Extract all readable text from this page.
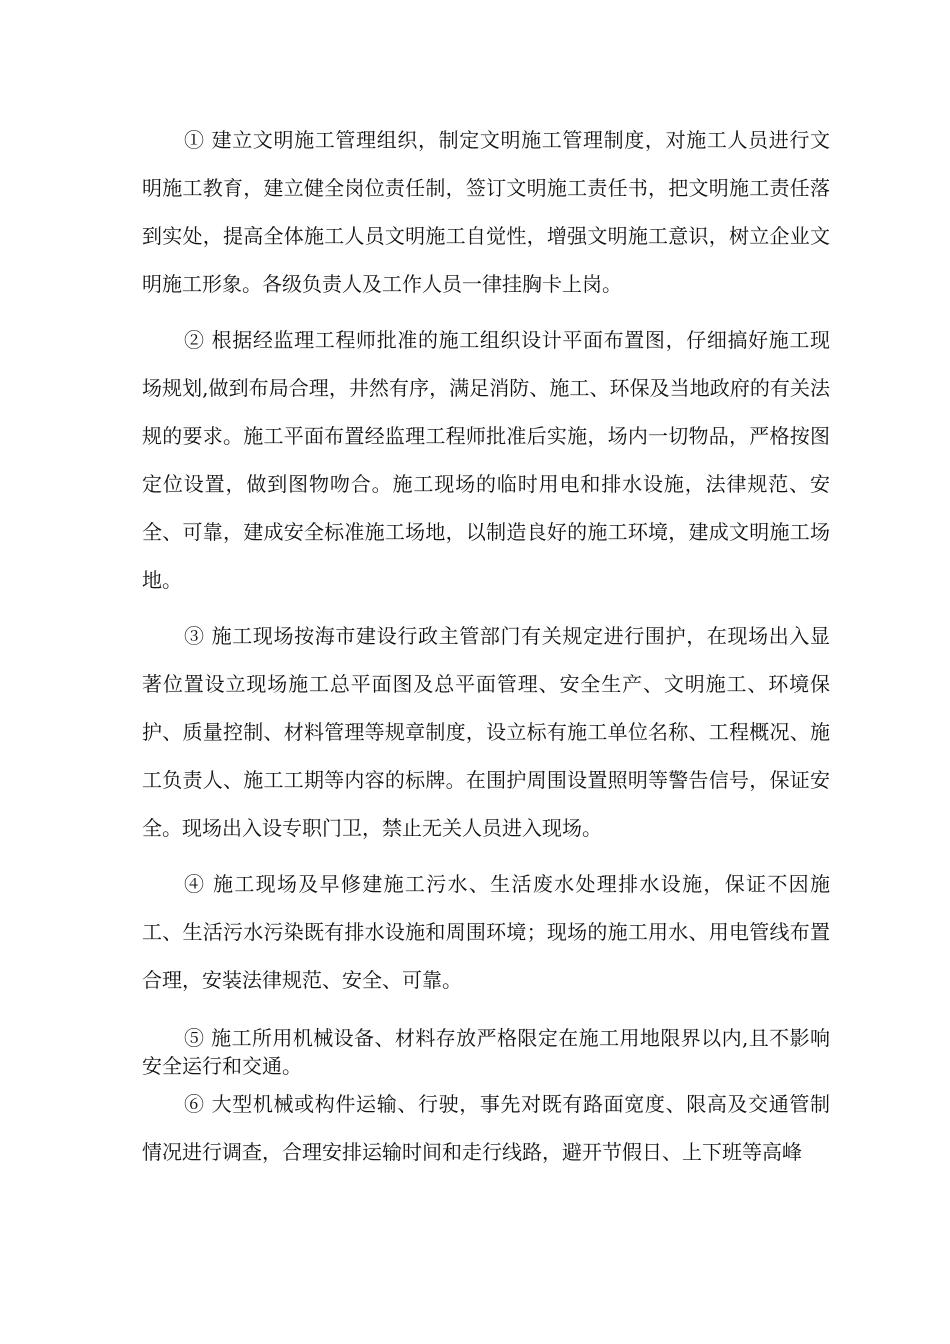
① 建立文明施工管理组织，制定文明施工管理制度，对施工人员进行文明施工教育，建立健全岗位责任制，签订文明施工责任书，把文明施工责任落到实处，提高全体施工人员文明施工自觉性，增强文明施工意识，树立企业文明施工形象。各级负责人及工作人员一律挂胸卡上岗。

② 根据经监理工程师批准的施工组织设计平面布置图，仔细搞好施工现场规划,做到布局合理，井然有序，满足消防、施工、环保及当地政府的有关法规的要求。施工平面布置经监理工程师批准后实施，场内一切物品，严格按图定位设置，做到图物吻合。施工现场的临时用电和排水设施，法律规范、安全、可靠，建成安全标准施工场地，以制造良好的施工环境，建成文明施工场地。

③ 施工现场按海市建设行政主管部门有关规定进行围护，在现场出入显著位置设立现场施工总平面图及总平面管理、安全生产、文明施工、环境保护、质量控制、材料管理等规章制度，设立标有施工单位名称、工程概况、施工负责人、施工工期等内容的标牌。在围护周围设置照明等警告信号，保证安全。现场出入设专职门卫，禁止无关人员进入现场。

④ 施工现场及早修建施工污水、生活废水处理排水设施，保证不因施工、生活污水污染既有排水设施和周围环境；现场的施工用水、用电管线布置合理，安装法律规范、安全、可靠。

⑤ 施工所用机械设备、材料存放严格限定在施工用地限界以内,且不影响安全运行和交通。

⑥ 大型机械或构件运输、行驶，事先对既有路面宽度、限高及交通管制情况进行调查，合理安排运输时间和走行线路，避开节假日、上下班等高峰
